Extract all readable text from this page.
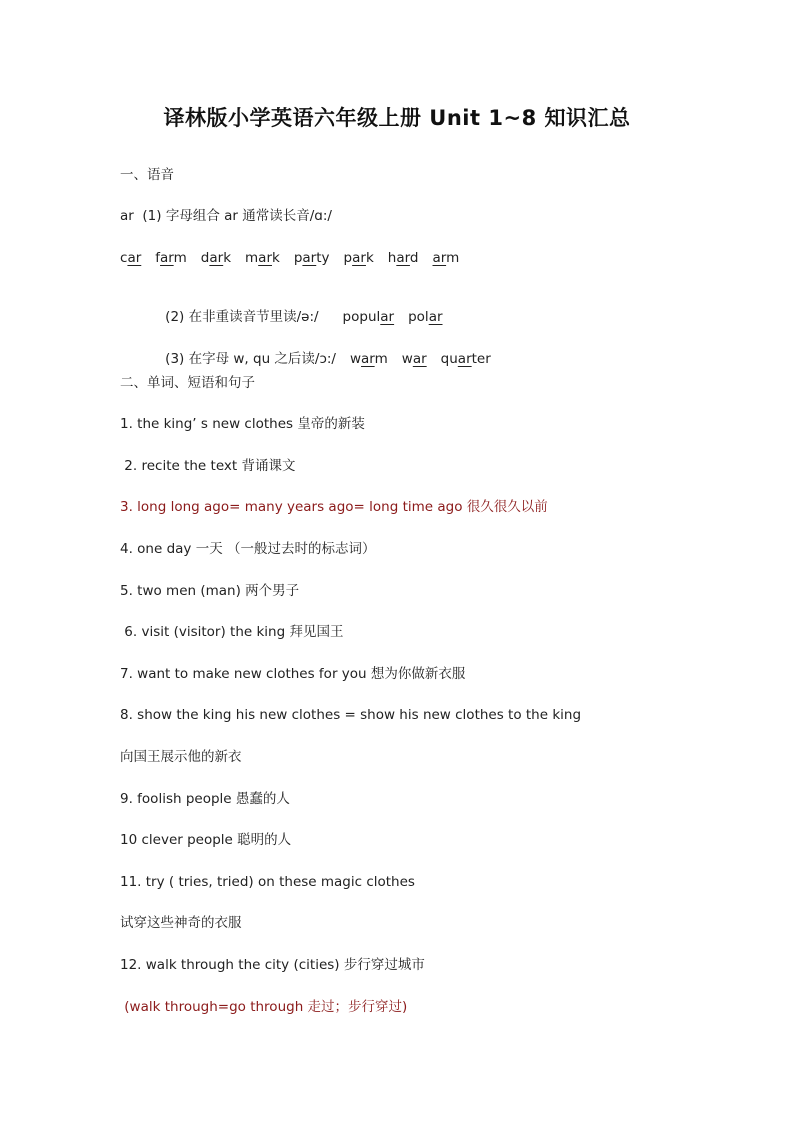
译林版小学英语六年级上册 Unit 1~8 知识汇总
一、语音
ar  (1) 字母组合 ar 通常读长音/ɑ:/
car farm dark mark party park hard arm

(2) 在非重读音节里读/ə:/ popular polar

(3) 在字母 w, qu 之后读/ɔ:/ warm war quarter

二、单词、短语和句子
1. the king’ s new clothes 皇帝的新装
2. recite the text 背诵课文
3. long long ago= many years ago= long time ago 很久很久以前
4. one day 一天 （一般过去时的标志词）
5. two men (man) 两个男子
6. visit (visitor) the king 拜见国王
7. want to make new clothes for you 想为你做新衣服
8. show the king his new clothes = show his new clothes to the king
向国王展示他的新衣
9. foolish people 愚蠢的人
10 clever people 聪明的人
11. try ( tries, tried) on these magic clothes
试穿这些神奇的衣服
12. walk through the city (cities) 步行穿过城市
(walk through=go through 走过；步行穿过)
